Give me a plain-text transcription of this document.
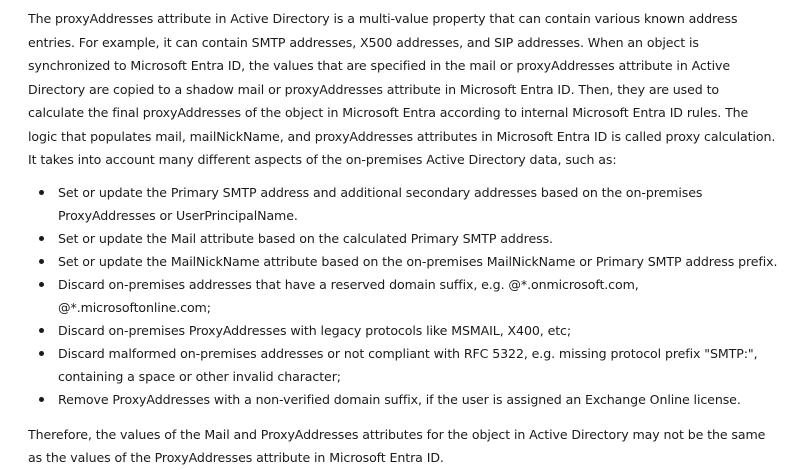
The proxyAddresses attribute in Active Directory is a multi-value property that can contain various known address entries. For example, it can contain SMTP addresses, X500 addresses, and SIP addresses. When an object is synchronized to Microsoft Entra ID, the values that are specified in the mail or proxyAddresses attribute in Active Directory are copied to a shadow mail or proxyAddresses attribute in Microsoft Entra ID. Then, they are used to calculate the final proxyAddresses of the object in Microsoft Entra according to internal Microsoft Entra ID rules. The logic that populates mail, mailNickName, and proxyAddresses attributes in Microsoft Entra ID is called proxy calculation. It takes into account many different aspects of the on-premises Active Directory data, such as:

Set or update the Primary SMTP address and additional secondary addresses based on the on-premises ProxyAddresses or UserPrincipalName.
Set or update the Mail attribute based on the calculated Primary SMTP address.
Set or update the MailNickName attribute based on the on-premises MailNickName or Primary SMTP address prefix.
Discard on-premises addresses that have a reserved domain suffix, e.g. @*.onmicrosoft.com, @*.microsoftonline.com;
Discard on-premises ProxyAddresses with legacy protocols like MSMAIL, X400, etc;
Discard malformed on-premises addresses or not compliant with RFC 5322, e.g. missing protocol prefix "SMTP:", containing a space or other invalid character;
Remove ProxyAddresses with a non-verified domain suffix, if the user is assigned an Exchange Online license.

Therefore, the values of the Mail and ProxyAddresses attributes for the object in Active Directory may not be the same as the values of the ProxyAddresses attribute in Microsoft Entra ID.
